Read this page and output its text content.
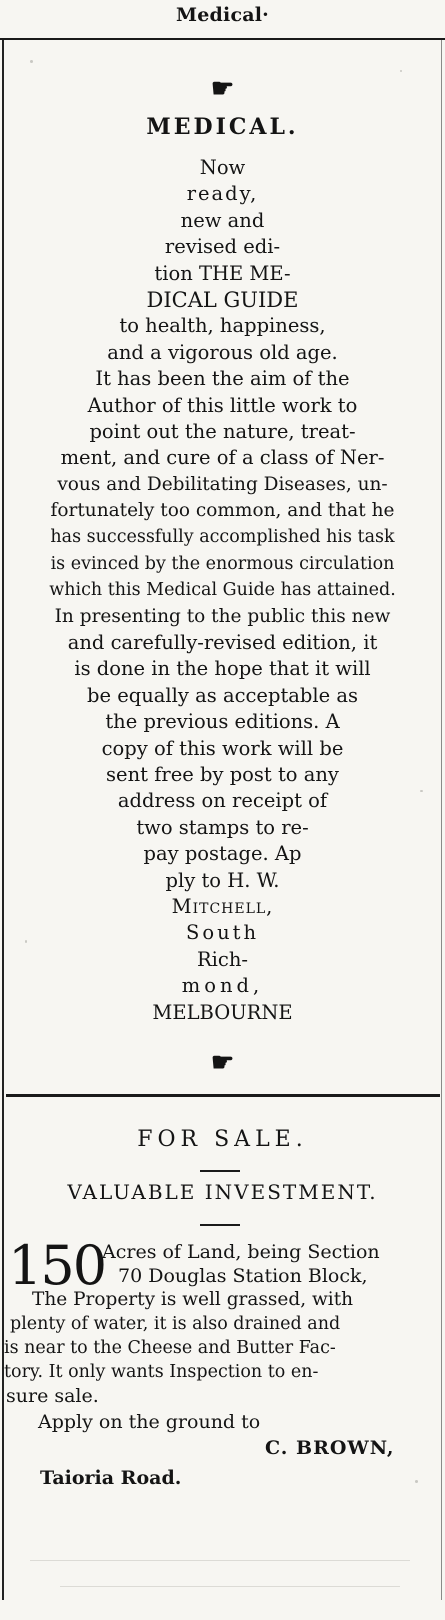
Medical·
☛
MEDICAL.
Now
ready,
new and
revised edi-
tion THE ME-
DICAL GUIDE
to health, happiness,
and a vigorous old age.
It has been the aim of the
Author of this little work to
point out the nature, treat-
ment, and cure of a class of Ner-
vous and Debilitating Diseases, un-
fortunately too common, and that he
has successfully accomplished his task
is evinced by the enormous circulation
which this Medical Guide has attained.
In presenting to the public this new
and carefully-revised edition, it
is done in the hope that it will
be equally as acceptable as
the previous editions. A
copy of this work will be
sent free by post to any
address on receipt of
two stamps to re-
pay postage. Ap
ply to H. W.
Mitchell,
South
Rich-
mond,
MELBOURNE
☛
FOR SALE.
VALUABLE INVESTMENT.
150
Acres of Land, being Section
70 Douglas Station Block,
The Property is well grassed, with
plenty of water, it is also drained and
is near to the Cheese and Butter Fac-
tory. It only wants Inspection to en-
sure sale.
Apply on the ground to
C. BROWN,
Taioria Road.
